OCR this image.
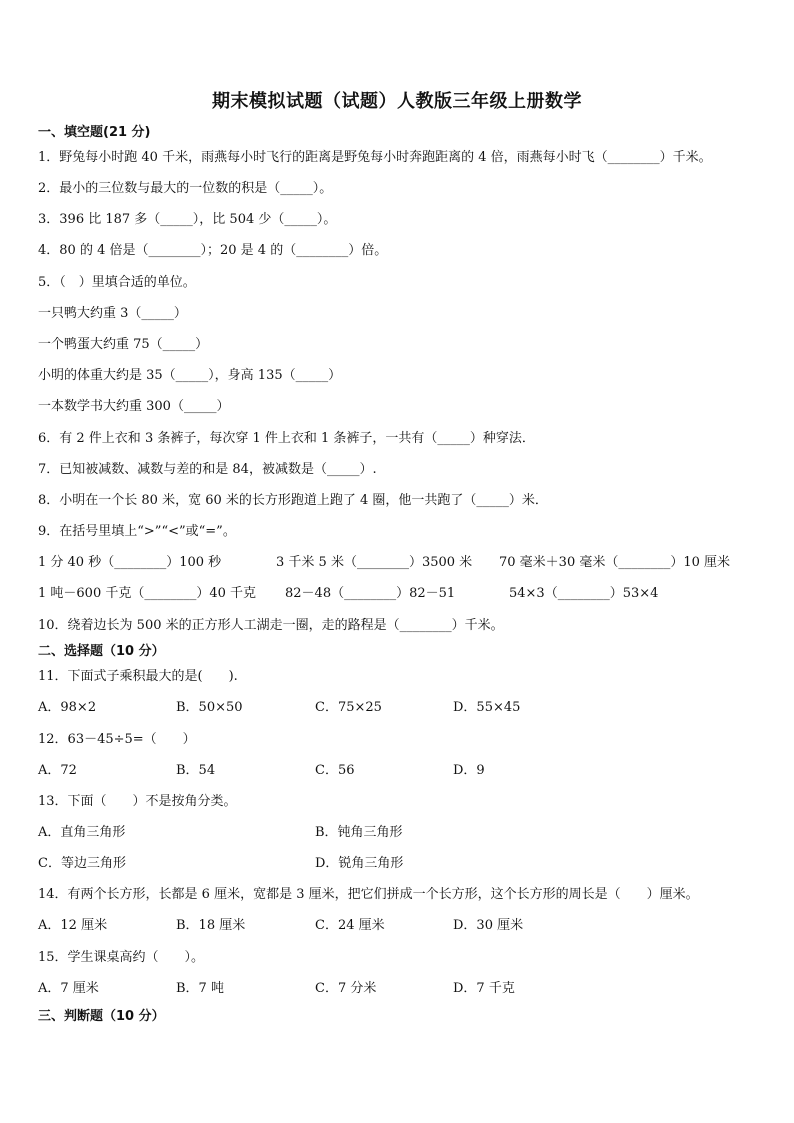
期末模拟试题（试题）人教版三年级上册数学
一、填空题(21 分)
1．野兔每小时跑 40 千米，雨燕每小时飞行的距离是野兔每小时奔跑距离的 4 倍，雨燕每小时飞（________）千米。
2．最小的三位数与最大的一位数的积是（_____）。
3．396 比 187 多（_____），比 504 少（_____）。
4．80 的 4 倍是（________）；20 是 4 的（________）倍。
5．（　）里填合适的单位。
一只鸭大约重 3（_____）
一个鸭蛋大约重 75（_____）
小明的体重大约是 35（_____），身高 135（_____）
一本数学书大约重 300（_____）
6．有 2 件上衣和 3 条裤子，每次穿 1 件上衣和 1 条裤子，一共有（_____）种穿法．
7．已知被减数、减数与差的和是 84，被减数是（_____）.
8．小明在一个长 80 米，宽 60 米的长方形跑道上跑了 4 圈，他一共跑了（_____）米．
9．在括号里填上“>”“<”或“=”。
1 分 40 秒（________）100 秒	3 千米 5 米（________）3500 米 70 毫米＋30 毫米（________）10 厘米
1 吨－600 千克（________）40 千克 82－48（________）82－51	54×3（________）53×4
10．绕着边长为 500 米的正方形人工湖走一圈，走的路程是（________）千米。
二、选择题（10 分）
11．下面式子乘积最大的是(　　).
A．98×2	B．50×50	C．75×25	D．55×45
12．63－45÷5=（　　）
A．72	B．54	C．56	D．9
13．下面（　　）不是按角分类。
A．直角三角形	B．钝角三角形
C．等边三角形	D．锐角三角形
14．有两个长方形，长都是 6 厘米，宽都是 3 厘米，把它们拼成一个长方形，这个长方形的周长是（　　）厘米。
A．12 厘米	B．18 厘米	C．24 厘米	D．30 厘米
15．学生课桌高约（　　）。
A．7 厘米	B．7 吨	C．7 分米	D．7 千克
三、判断题（10 分）
